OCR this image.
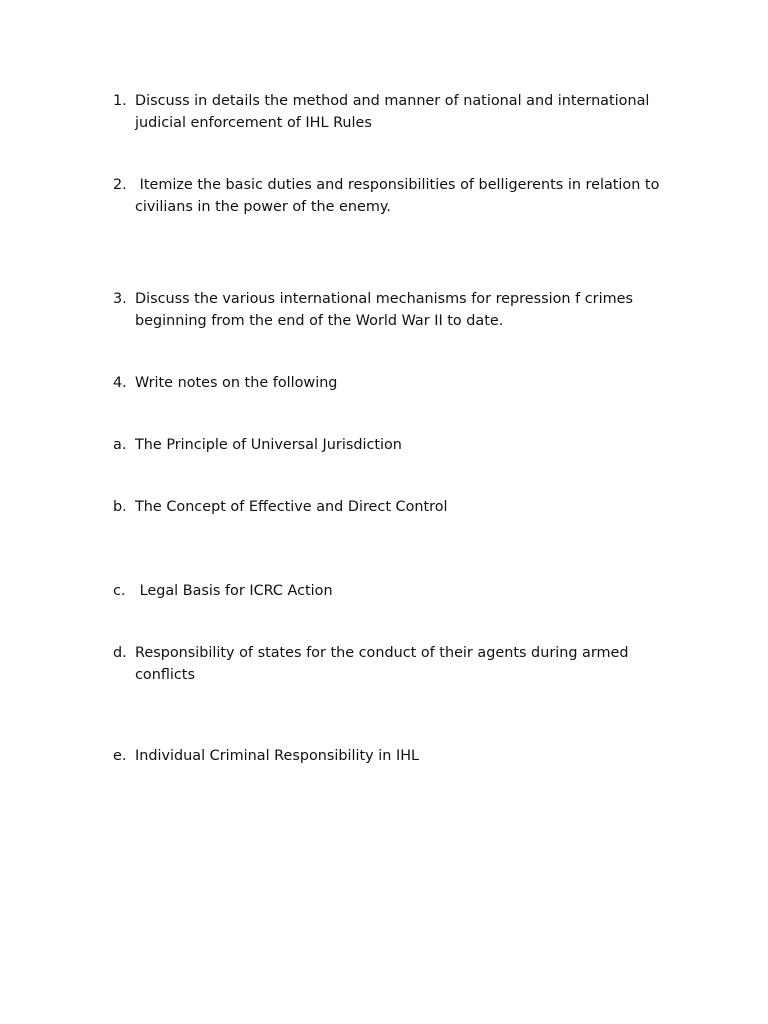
1. Discuss in details the method and manner of national and international judicial enforcement of IHL Rules
2. Itemize the basic duties and responsibilities of belligerents in relation to civilians in the power of the enemy.
3. Discuss the various international mechanisms for repression f crimes beginning from the end of the World War II to date.
4. Write notes on the following
a. The Principle of Universal Jurisdiction
b. The Concept of Effective and Direct Control
c. Legal Basis for ICRC Action
d. Responsibility of states for the conduct of their agents during armed conflicts
e. Individual Criminal Responsibility in IHL
